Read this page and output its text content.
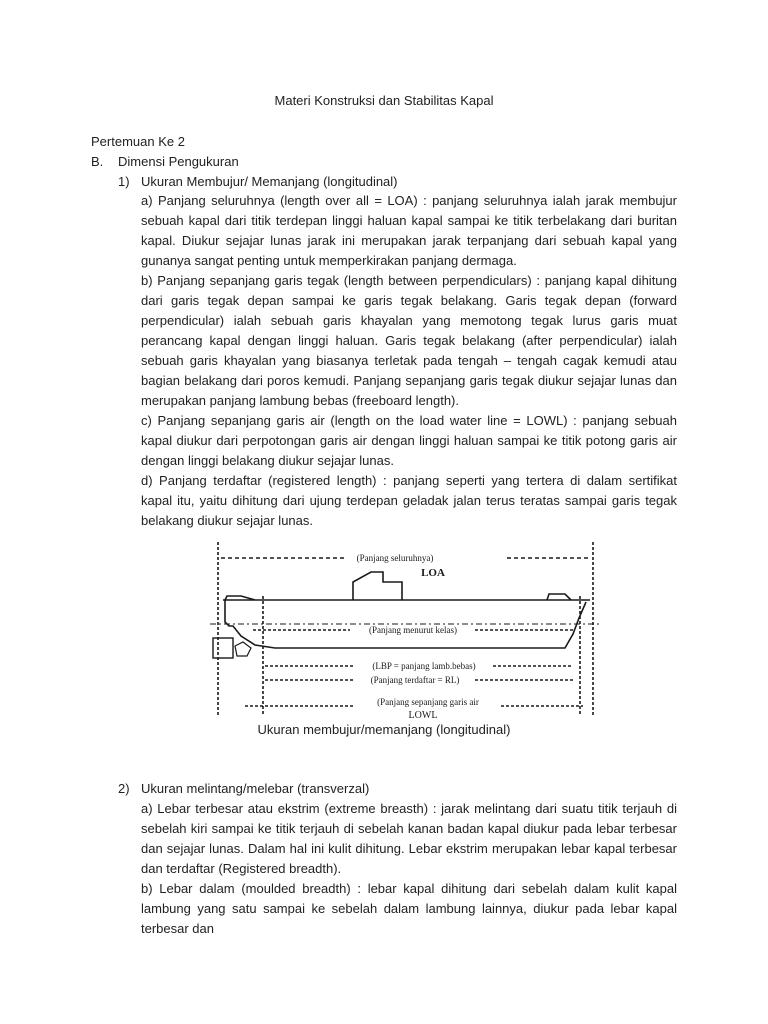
Materi Konstruksi dan Stabilitas Kapal
Pertemuan Ke 2
B. Dimensi Pengukuran
1) Ukuran Membujur/ Memanjang (longitudinal)
a) Panjang seluruhnya (length over all = LOA) : panjang seluruhnya ialah jarak membujur sebuah kapal dari titik terdepan linggi haluan kapal sampai ke titik terbelakang dari buritan kapal. Diukur sejajar lunas jarak ini merupakan jarak terpanjang dari sebuah kapal yang gunanya sangat penting untuk memperkirakan panjang dermaga.
b) Panjang sepanjang garis tegak (length between perpendiculars) : panjang kapal dihitung dari garis tegak depan sampai ke garis tegak belakang. Garis tegak depan (forward perpendicular) ialah sebuah garis khayalan yang memotong tegak lurus garis muat perancang kapal dengan linggi haluan. Garis tegak belakang (after perpendicular) ialah sebuah garis khayalan yang biasanya terletak pada tengah – tengah cagak kemudi atau bagian belakang dari poros kemudi. Panjang sepanjang garis tegak diukur sejajar lunas dan merupakan panjang lambung bebas (freeboard length).
c) Panjang sepanjang garis air (length on the load water line = LOWL) : panjang sebuah kapal diukur dari perpotongan garis air dengan linggi haluan sampai ke titik potong garis air dengan linggi belakang diukur sejajar lunas.
d) Panjang terdaftar (registered length) : panjang seperti yang tertera di dalam sertifikat kapal itu, yaitu dihitung dari ujung terdepan geladak jalan terus teratas sampai garis tegak belakang diukur sejajar lunas.
(Panjang seluruhnya)
LOA
(Panjang menurut kelas)
(LBP = panjang lamb.bebas)
(Panjang terdaftar = RL)
(Panjang sepanjang garis air
LOWL
Ukuran membujur/memanjang (longitudinal)
2) Ukuran melintang/melebar (transverzal)
a) Lebar terbesar atau ekstrim (extreme breasth) : jarak melintang dari suatu titik terjauh di sebelah kiri sampai ke titik terjauh di sebelah kanan badan kapal diukur pada lebar terbesar dan sejajar lunas. Dalam hal ini kulit dihitung. Lebar ekstrim merupakan lebar kapal terbesar dan terdaftar (Registered breadth).
b) Lebar dalam (moulded breadth) : lebar kapal dihitung dari sebelah dalam kulit kapal lambung yang satu sampai ke sebelah dalam lambung lainnya, diukur pada lebar kapal terbesar dan
